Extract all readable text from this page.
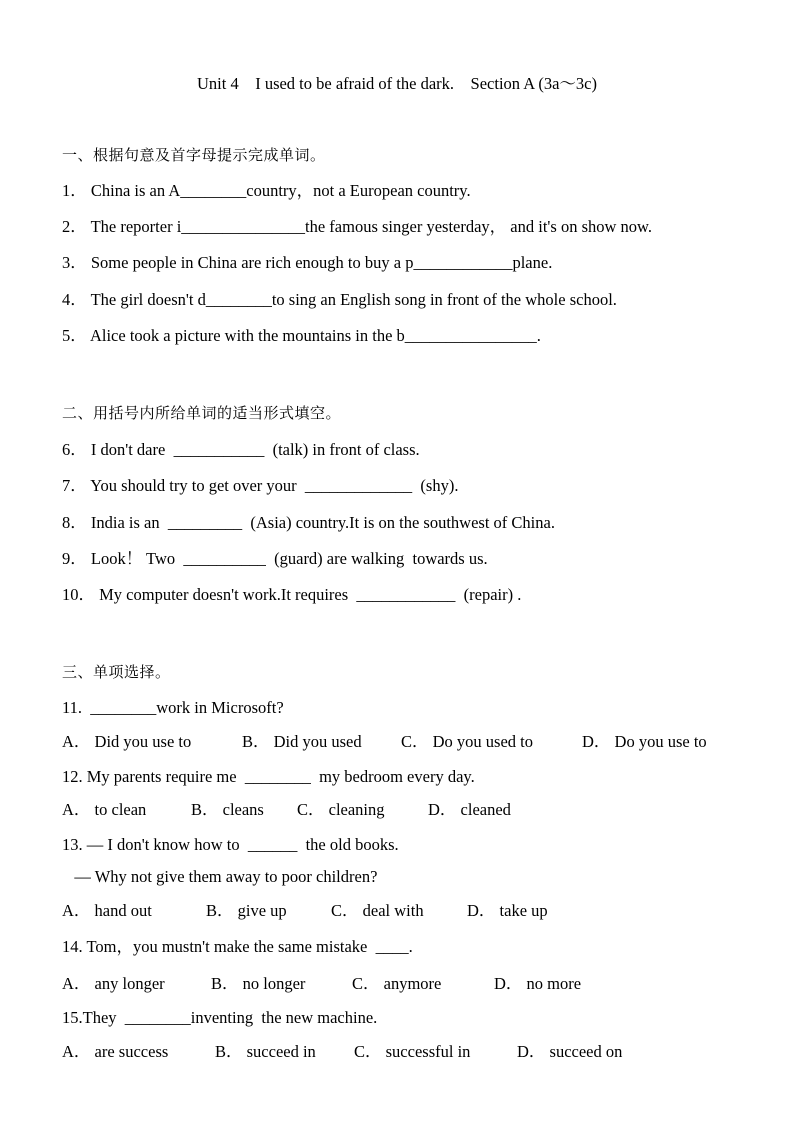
Unit 4    I used to be afraid of the dark.    Section A (3a～3c)
一、根据句意及首字母提示完成单词。
1． China is an A________country，not a European country.
2． The reporter i_______________the famous singer yesterday， and it's on show now.
3． Some people in China are rich enough to buy a p____________plane.
4． The girl doesn't d________to sing an English song in front of the whole school.
5． Alice took a picture with the mountains in the b________________.
二、用括号内所给单词的适当形式填空。
6． I don't dare  ___________  (talk) in front of class.
7． You should try to get over your  _____________  (shy).
8． India is an  _________  (Asia) country.It is on the southwest of China.
9． Look！ Two  __________  (guard) are walking  towards us.
10． My computer doesn't work.It requires  ____________  (repair) .
三、单项选择。
11.  ________work in Microsoft?
A． Did you use to	B． Did you used C． Do you used to	D． Do you use to
12. My parents require me  ________  my bedroom every day.
A． to clean	B． cleans C． cleaning	D． cleaned
13. — I don't know how to  ______  the old books.
— Why not give them away to poor children?
A． hand out	B． give up	C． deal with	D． take up
14. Tom，you mustn't make the same mistake  ____.
A． any longer	B． no longer	C． anymore	D． no more
15.They  ________inventing  the new machine.
A． are success	B． succeed in C． successful in	D． succeed on
